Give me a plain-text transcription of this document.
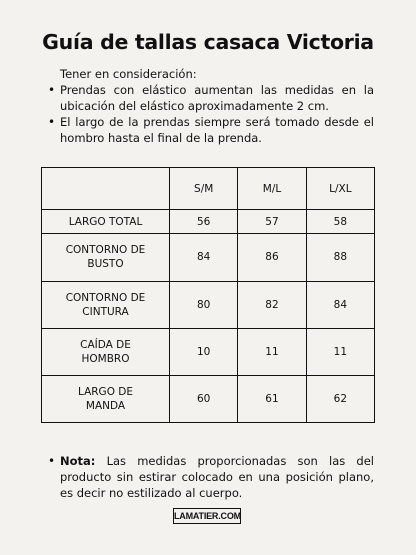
Guía de tallas casaca Victoria
Tener en consideración:
• Prendas con elástico aumentan las medidas en la ubicación del elástico aproximadamente 2 cm.
• El largo de la prendas siempre será tomado desde el hombro hasta el final de la prenda.
	S/M	M/L	L/XL
LARGO TOTAL	56	57	58
CONTORNO DE
BUSTO	84	86	88
CONTORNO DE
CINTURA	80	82	84
CAÍDA DE
HOMBRO	10	11	11
LARGO DE
MANDA	60	61	62
• Nota: Las medidas proporcionadas son las del producto sin estirar colocado en una posición plano, es decir no estilizado al cuerpo.
LAMATIER.COM
